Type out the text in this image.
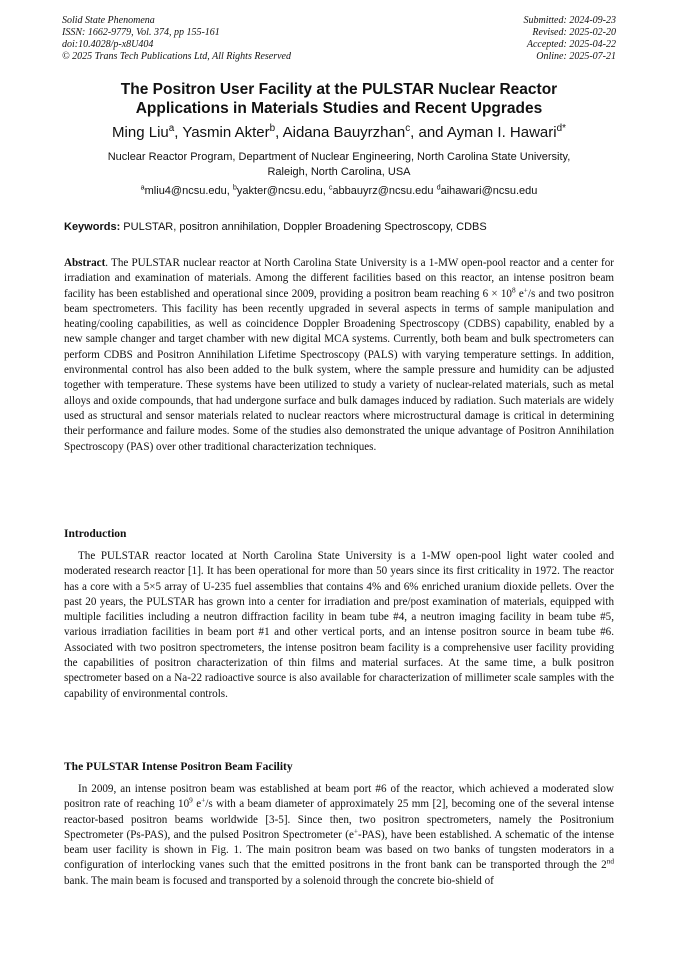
Solid State Phenomena
ISSN: 1662-9779, Vol. 374, pp 155-161
doi:10.4028/p-x8U404
© 2025 Trans Tech Publications Ltd, All Rights Reserved
Submitted: 2024-09-23
Revised: 2025-02-20
Accepted: 2025-04-22
Online: 2025-07-21
The Positron User Facility at the PULSTAR Nuclear Reactor
Applications in Materials Studies and Recent Upgrades
Ming Liu$^a$, Yasmin Akter$^b$, Aidana Bauyrzhan$^c$, and Ayman I. Hawari$^{d*}$
Nuclear Reactor Program, Department of Nuclear Engineering, North Carolina State University,
Raleigh, North Carolina, USA
$^a$mliu4@ncsu.edu, $^b$yakter@ncsu.edu, $^c$abbauyrz@ncsu.edu $^d$aihawari@ncsu.edu
Keywords: PULSTAR, positron annihilation, Doppler Broadening Spectroscopy, CDBS
Abstract. The PULSTAR nuclear reactor at North Carolina State University is a 1-MW open-pool reactor and a center for irradiation and examination of materials. Among the different facilities based on this reactor, an intense positron beam facility has been established and operational since 2009, providing a positron beam reaching $6 \times 10^8$ e+/s and two positron beam spectrometers. This facility has been recently upgraded in several aspects in terms of sample manipulation and heating/cooling capabilities, as well as coincidence Doppler Broadening Spectroscopy (CDBS) capability, enabled by a new sample changer and target chamber with new digital MCA systems. Currently, both beam and bulk spectrometers can perform CDBS and Positron Annihilation Lifetime Spectroscopy (PALS) with varying temperature settings. In addition, environmental control has also been added to the bulk system, where the sample pressure and humidity can be adjusted together with temperature. These systems have been utilized to study a variety of nuclear-related materials, such as metal alloys and oxide compounds, that had undergone surface and bulk damages induced by radiation. Such materials are widely used as structural and sensor materials related to nuclear reactors where microstructural damage is critical in determining their performance and failure modes. Some of the studies also demonstrated the unique advantage of Positron Annihilation Spectroscopy (PAS) over other traditional characterization techniques.
Introduction
The PULSTAR reactor located at North Carolina State University is a 1-MW open-pool light water cooled and moderated research reactor [1]. It has been operational for more than 50 years since its first criticality in 1972. The reactor has a core with a 5×5 array of U-235 fuel assemblies that contains 4% and 6% enriched uranium dioxide pellets. Over the past 20 years, the PULSTAR has grown into a center for irradiation and pre/post examination of materials, equipped with multiple facilities including a neutron diffraction facility in beam tube #4, a neutron imaging facility in beam tube #5, various irradiation facilities in beam port #1 and other vertical ports, and an intense positron source in beam tube #6. Associated with two positron spectrometers, the intense positron beam facility is a comprehensive user facility providing the capabilities of positron characterization of thin films and material surfaces. At the same time, a bulk positron spectrometer based on a Na-22 radioactive source is also available for characterization of millimeter scale samples with the capability of environmental controls.
The PULSTAR Intense Positron Beam Facility
In 2009, an intense positron beam was established at beam port #6 of the reactor, which achieved a moderated slow positron rate of reaching $10^9$ e+/s with a beam diameter of approximately 25 mm [2], becoming one of the several intense reactor-based positron beams worldwide [3-5]. Since then, two positron spectrometers, namely the Positronium Spectrometer (Ps-PAS), and the pulsed Positron Spectrometer (e+-PAS), have been established. A schematic of the intense beam user facility is shown in Fig. 1. The main positron beam was based on two banks of tungsten moderators in a configuration of interlocking vanes such that the emitted positrons in the front bank can be transported through the 2nd bank. The main beam is focused and transported by a solenoid through the concrete bio-shield of
